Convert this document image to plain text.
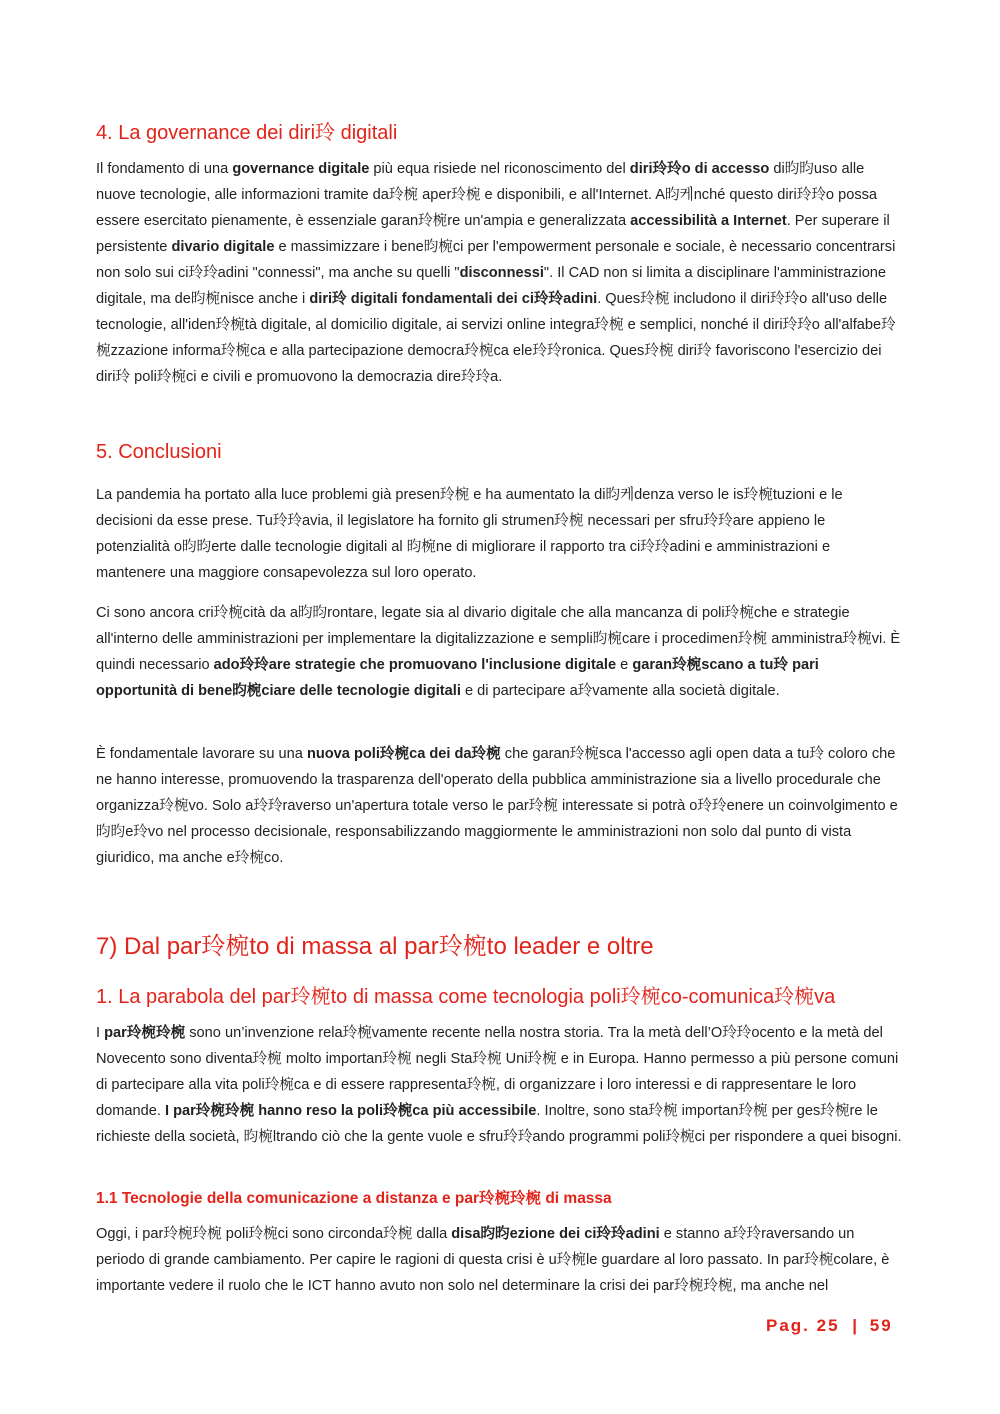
4. La governance dei diri玲 digitali

Il fondamento di una governance digitale più equa risiede nel riconoscimento del diri玲玲o di accesso di昀昀uso alle nuove tecnologie, alle informazioni tramite da玲椀 aper玲椀 e disponibili, e all'Internet. A昀케nché questo diri玲玲o possa essere esercitato pienamente, è essenziale garan玲椀re un'ampia e generalizzata accessibilità a Internet. Per superare il persistente divario digitale e massimizzare i bene昀椀ci per l'empowerment personale e sociale, è necessario concentrarsi non solo sui ci玲玲adini "connessi", ma anche su quelli "disconnessi". Il CAD non si limita a disciplinare l'amministrazione digitale, ma de昀椀nisce anche i diri玲 digitali fondamentali dei ci玲玲adini. Ques玲椀 includono il diri玲玲o all'uso delle tecnologie, all'iden玲椀tà digitale, al domicilio digitale, ai servizi online integra玲椀 e semplici, nonché il diri玲玲o all'alfabe玲椀zzazione informa玲椀ca e alla partecipazione democra玲椀ca ele玲玲ronica. Ques玲椀 diri玲 favoriscono l'esercizio dei diri玲 poli玲椀ci e civili e promuovono la democrazia dire玲玲a.

5. Conclusioni

La pandemia ha portato alla luce problemi già presen玲椀 e ha aumentato la di昀케denza verso le is玲椀tuzioni e le decisioni da esse prese. Tu玲玲avia, il legislatore ha fornito gli strumen玲椀 necessari per sfru玲玲are appieno le potenzialità o昀昀erte dalle tecnologie digitali al 昀椀ne di migliorare il rapporto tra ci玲玲adini e amministrazioni e mantenere una maggiore consapevolezza sul loro operato.

Ci sono ancora cri玲椀cità da a昀昀rontare, legate sia al divario digitale che alla mancanza di poli玲椀che e strategie all'interno delle amministrazioni per implementare la digitalizzazione e sempli昀椀care i procedimen玲椀 amministra玲椀vi. È quindi necessario ado玲玲are strategie che promuovano l'inclusione digitale e garan玲椀scano a tu玲 pari opportunità di bene昀椀ciare delle tecnologie digitali e di partecipare a玲vamente alla società digitale.

È fondamentale lavorare su una nuova poli玲椀ca dei da玲椀 che garan玲椀sca l'accesso agli open data a tu玲 coloro che ne hanno interesse, promuovendo la trasparenza dell'operato della pubblica amministrazione sia a livello procedurale che organizza玲椀vo. Solo a玲玲raverso un'apertura totale verso le par玲椀 interessate si potrà o玲玲enere un coinvolgimento e昀昀e玲vo nel processo decisionale, responsabilizzando maggiormente le amministrazioni non solo dal punto di vista giuridico, ma anche e玲椀co.

7) Dal par玲椀to di massa al par玲椀to leader e oltre
1. La parabola del par玲椀to di massa come tecnologia poli玲椀co-comunica玲椀va

I par玲椀玲椀 sono un’invenzione rela玲椀vamente recente nella nostra storia. Tra la metà dell’O玲玲ocento e la metà del Novecento sono diventa玲椀 molto importan玲椀 negli Sta玲椀 Uni玲椀 e in Europa. Hanno permesso a più persone comuni di partecipare alla vita poli玲椀ca e di essere rappresenta玲椀, di organizzare i loro interessi e di rappresentare le loro domande. I par玲椀玲椀 hanno reso la poli玲椀ca più accessibile. Inoltre, sono sta玲椀 importan玲椀 per ges玲椀re le richieste della società, 昀椀ltrando ciò che la gente vuole e sfru玲玲ando programmi poli玲椀ci per rispondere a quei bisogni.

1.1 Tecnologie della comunicazione a distanza e par玲椀玲椀 di massa

Oggi, i par玲椀玲椀 poli玲椀ci sono circonda玲椀 dalla disa昀昀ezione dei ci玲玲adini e stanno a玲玲raversando un periodo di grande cambiamento. Per capire le ragioni di questa crisi è u玲椀le guardare al loro passato. In par玲椀colare, è importante vedere il ruolo che le ICT hanno avuto non solo nel determinare la crisi dei par玲椀玲椀, ma anche nel

Pag. 25 | 59
